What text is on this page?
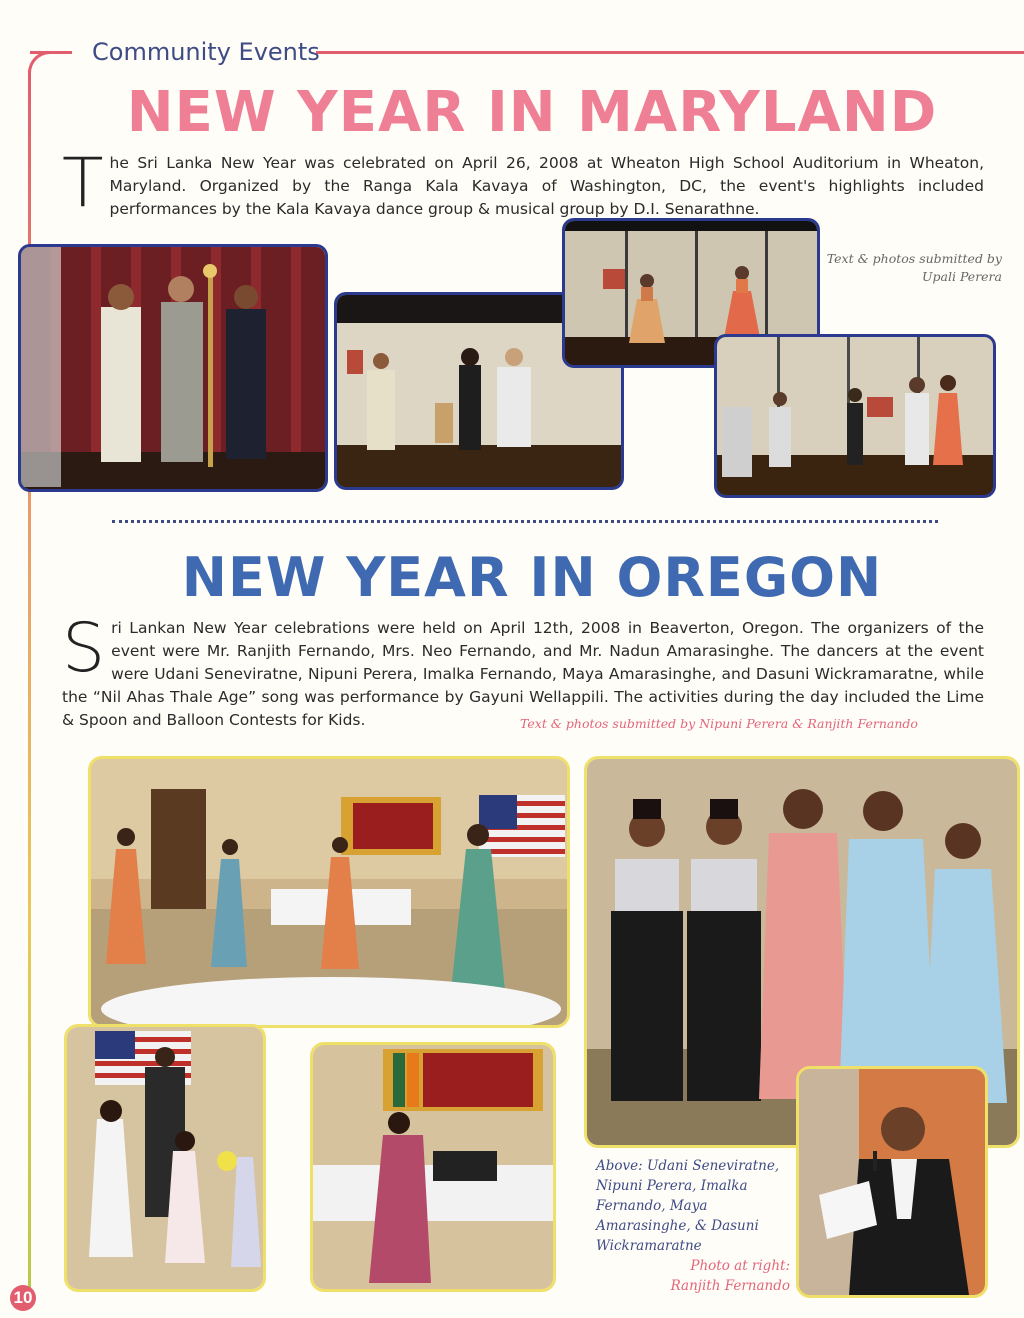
Community Events
NEW YEAR IN MARYLAND
The Sri Lanka New Year was celebrated on April 26, 2008 at Wheaton High School Auditorium in Wheaton, Maryland. Organized by the Ranga Kala Kavaya of Washington, DC, the event's highlights included performances by the Kala Kavaya dance group & musical group by D.I. Senarathne.
Text & photos submitted by Upali Perera
NEW YEAR IN OREGON
Sri Lankan New Year celebrations were held on April 12th, 2008 in Beaverton, Oregon. The organizers of the event were Mr. Ranjith Fernando, Mrs. Neo Fernando, and Mr. Nadun Amarasinghe. The dancers at the event were Udani Seneviratne, Nipuni Perera, Imalka Fernando, Maya Amarasinghe, and Dasuni Wickramaratne, while the “Nil Ahas Thale Age” song was performance by Gayuni Wellappili. The activities during the day included the Lime & Spoon and Balloon Contests for Kids.	Text & photos submitted by Nipuni Perera & Ranjith Fernando
Above: Udani Seneviratne, Nipuni Perera, Imalka Fernando, Maya Amarasinghe, & Dasuni Wickramaratne
Photo at right: Ranjith Fernando
10
